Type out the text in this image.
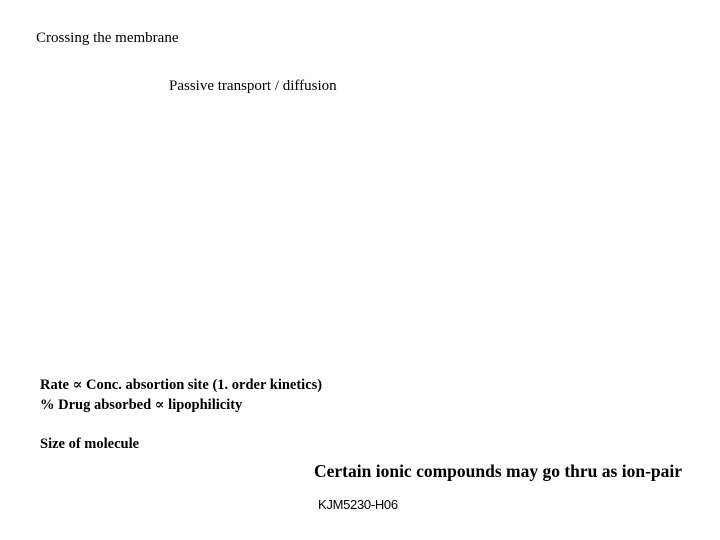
Crossing the membrane
Passive transport / diffusion
Rate ∝ Conc. absortion site (1. order kinetics)
% Drug absorbed ∝ lipophilicity
Size of molecule
Certain ionic compounds may go thru as ion-pair
KJM5230-H06
